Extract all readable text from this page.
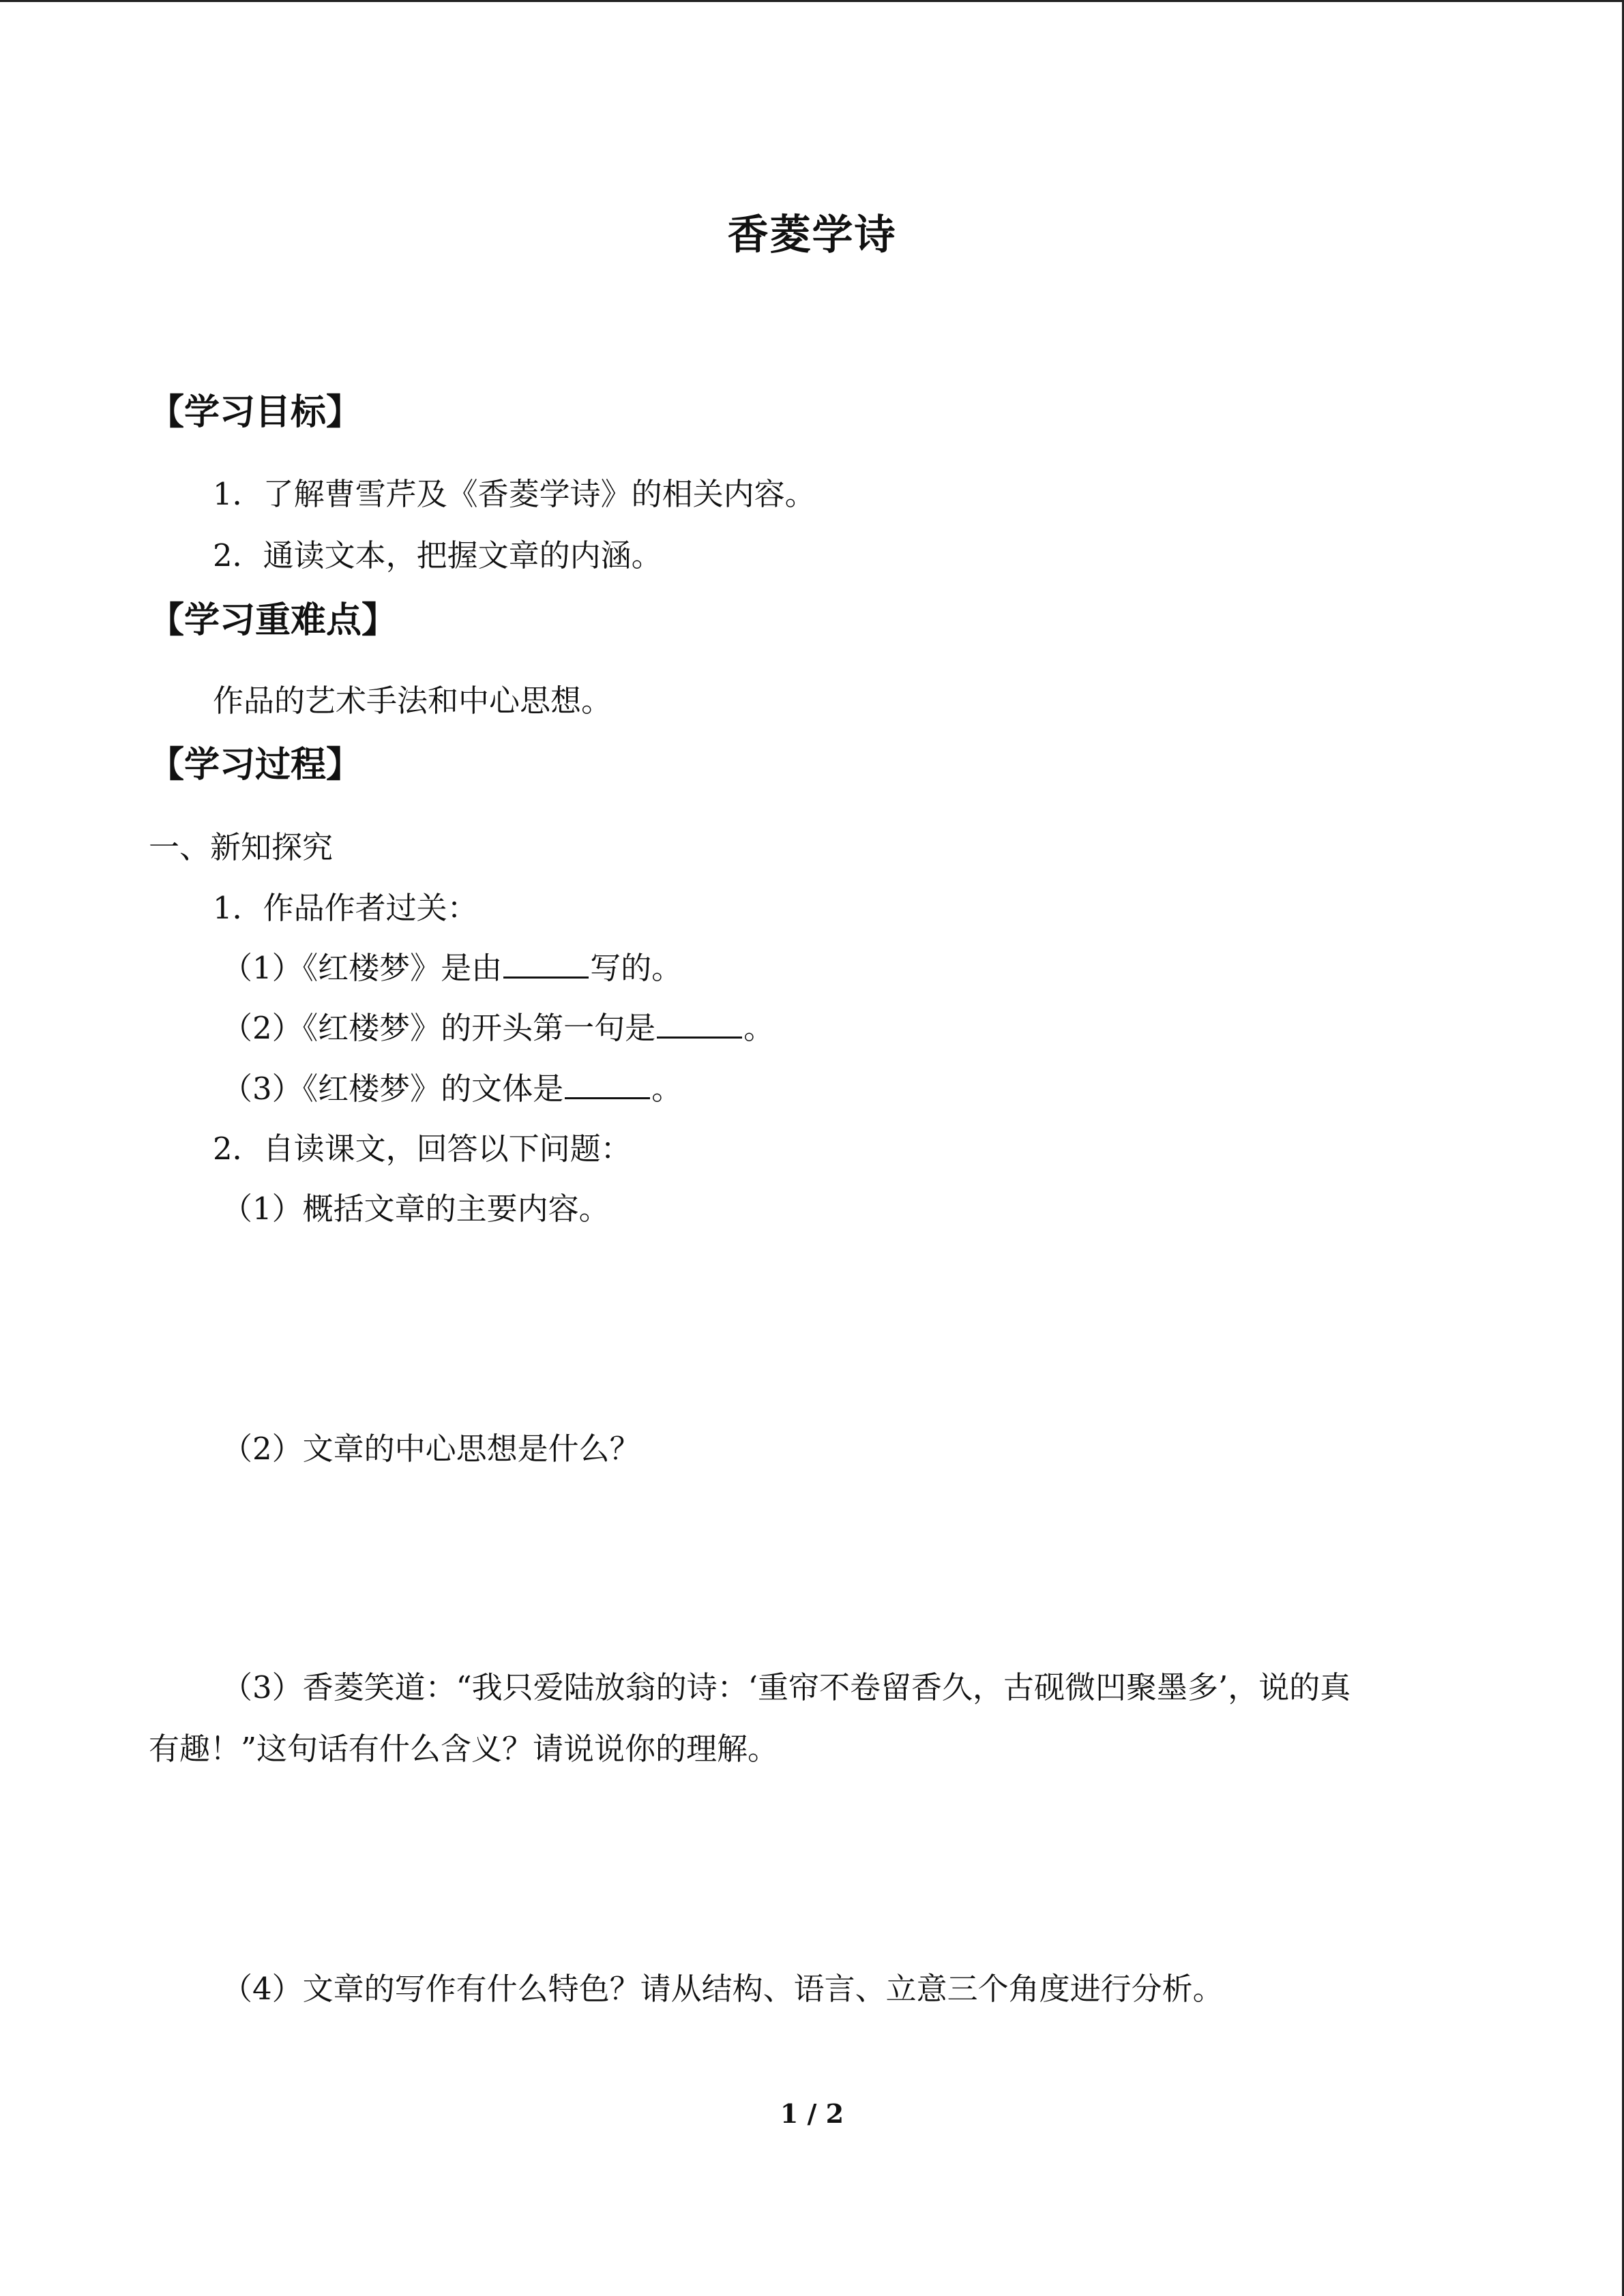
香菱学诗
【学习目标】
1．了解曹雪芹及《香菱学诗》的相关内容。
2．通读文本，把握文章的内涵。
【学习重难点】
作品的艺术手法和中心思想。
【学习过程】
一、新知探究
1．作品作者过关：
（1）《红楼梦》是由	写的。
（2）《红楼梦》的开头第一句是	。
（3）《红楼梦》的文体是	。
2．自读课文，回答以下问题：
（1）概括文章的主要内容。
（2）文章的中心思想是什么？
（3）香菱笑道：“我只爱陆放翁的诗：‘重帘不卷留香久，古砚微凹聚墨多’，说的真
有趣！”这句话有什么含义？请说说你的理解。
（4）文章的写作有什么特色？请从结构、语言、立意三个角度进行分析。
1 / 2
